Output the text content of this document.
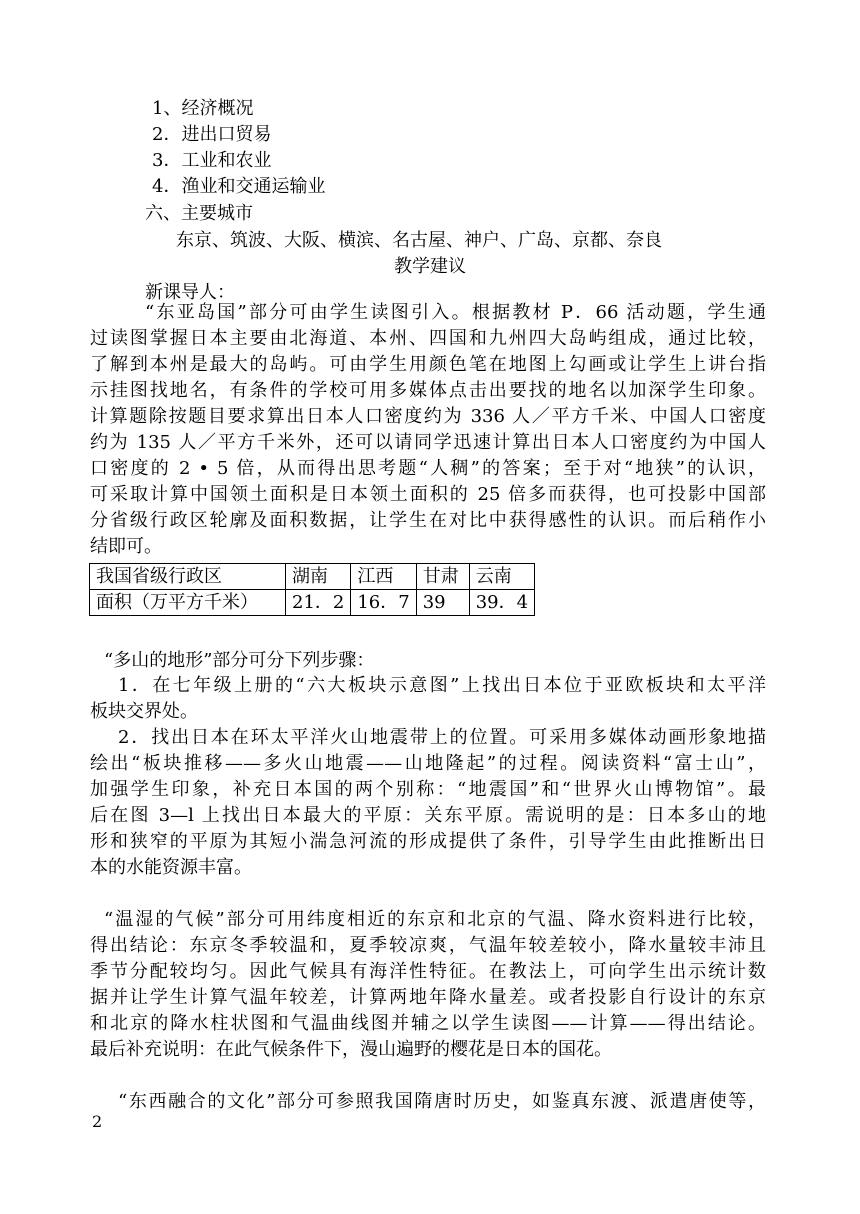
1、经济概况
2．进出口贸易
3．工业和农业
4．渔业和交通运输业
六、主要城市
东京、筑波、大阪、横滨、名古屋、神户、广岛、京都、奈良
教学建议
新课导人：
“东亚岛国”部分可由学生读图引入。根据教材 P．66 活动题，学生通
过读图掌握日本主要由北海道、本州、四国和九州四大岛屿组成，通过比较，
了解到本州是最大的岛屿。可由学生用颜色笔在地图上勾画或让学生上讲台指
示挂图找地名，有条件的学校可用多媒体点击出要找的地名以加深学生印象。
计算题除按题目要求算出日本人口密度约为 336 人／平方千米、中国人口密度
约为 135 人／平方千米外，还可以请同学迅速计算出日本人口密度约为中国人
口密度的 2 • 5 倍，从而得出思考题“人稠”的答案；至于对“地狭”的认识，
可采取计算中国领土面积是日本领土面积的 25 倍多而获得，也可投影中国部
分省级行政区轮廓及面积数据，让学生在对比中获得感性的认识。而后稍作小
结即可。
我国省级行政区	湖南	江西	甘肃	云南
面积（万平方千米）	21．2	16．7	39	39．4
“多山的地形”部分可分下列步骤：
1．在七年级上册的“六大板块示意图”上找出日本位于亚欧板块和太平洋
板块交界处。
2．找出日本在环太平洋火山地震带上的位置。可采用多媒体动画形象地描
绘出“板块推移——多火山地震——山地隆起”的过程。阅读资料“富士山”，
加强学生印象，补充日本国的两个别称：“地震国”和“世界火山博物馆”。最
后在图 3—l 上找出日本最大的平原：关东平原。需说明的是：日本多山的地
形和狭窄的平原为其短小湍急河流的形成提供了条件，引导学生由此推断出日
本的水能资源丰富。
“温湿的气候”部分可用纬度相近的东京和北京的气温、降水资料进行比较，
得出结论：东京冬季较温和，夏季较凉爽，气温年较差较小，降水量较丰沛且
季节分配较均匀。因此气候具有海洋性特征。在教法上，可向学生出示统计数
据并让学生计算气温年较差，计算两地年降水量差。或者投影自行设计的东京
和北京的降水柱状图和气温曲线图并辅之以学生读图——计算——得出结论。
最后补充说明：在此气候条件下，漫山遍野的樱花是日本的国花。
“东西融合的文化”部分可参照我国隋唐时历史，如鉴真东渡、派遣唐使等，
2
